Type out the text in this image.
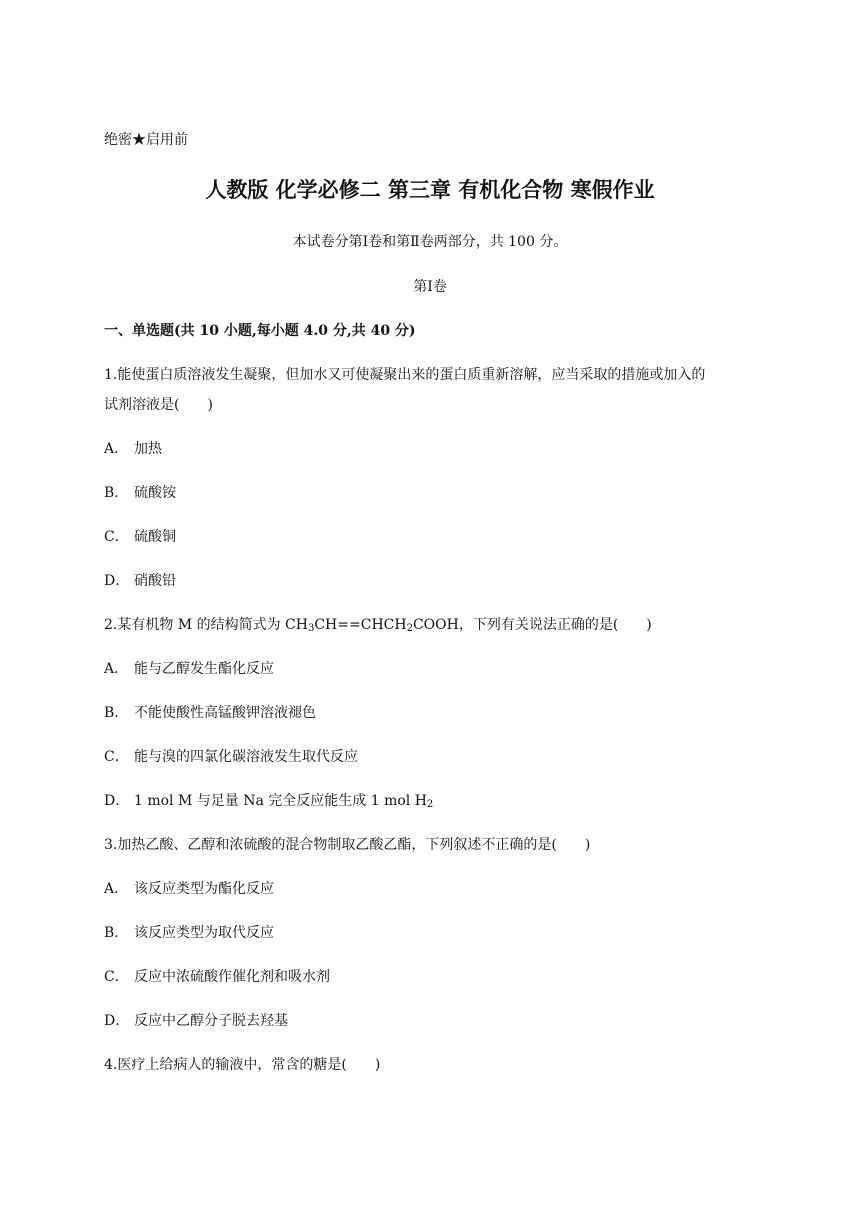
绝密★启用前
人教版 化学必修二 第三章 有机化合物 寒假作业
本试卷分第Ⅰ卷和第Ⅱ卷两部分，共 100 分。
第Ⅰ卷
一、单选题(共 10 小题,每小题 4.0 分,共 40 分)
1.能使蛋白质溶液发生凝聚，但加水又可使凝聚出来的蛋白质重新溶解，应当采取的措施或加入的
试剂溶液是(　　)
A． 加热
B． 硫酸铵
C． 硫酸铜
D． 硝酸铅
2.某有机物 M 的结构简式为 $CH_3CH==CHCH_2COOH$，下列有关说法正确的是(　　)
A． 能与乙醇发生酯化反应
B． 不能使酸性高锰酸钾溶液褪色
C． 能与溴的四氯化碳溶液发生取代反应
D． 1 mol M 与足量 Na 完全反应能生成 1 mol $H_2$
3.加热乙酸、乙醇和浓硫酸的混合物制取乙酸乙酯，下列叙述不正确的是(　　)
A． 该反应类型为酯化反应
B． 该反应类型为取代反应
C． 反应中浓硫酸作催化剂和吸水剂
D． 反应中乙醇分子脱去羟基
4.医疗上给病人的输液中，常含的糖是(　　)
